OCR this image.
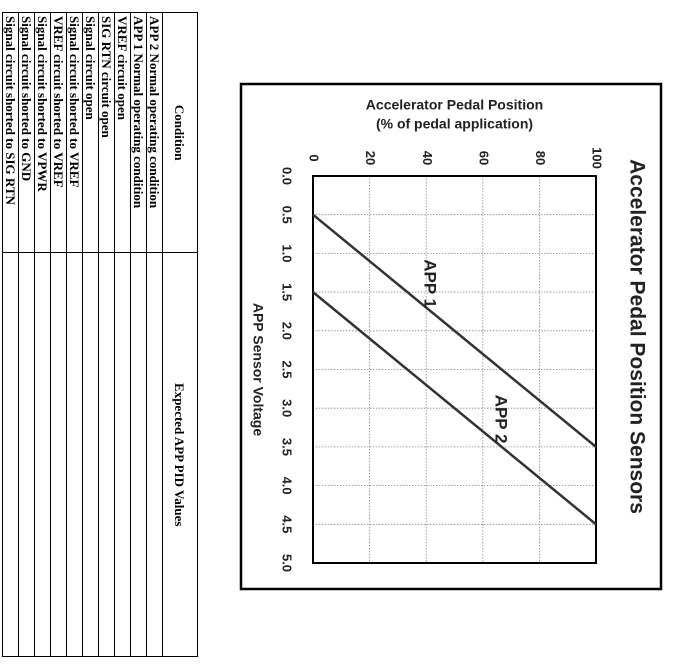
Condition	Expected APP PID Values
APP 2 Normal operating condition	
APP 1 Normal operating condition	
VREF circuit open	
SIG RTN circuit open	
Signal circuit open	
Signal circuit shorted to VREF	
VREF circuit shorted to VREF	
Signal circuit shorted to VPWR	
Signal circuit shorted to GND	
Signal circuit shorted to SIG RTN		0.0
0.5
1.0
1.5
2.0
2.5
3.0
3.5
4.0
4.5
5.0
0	20	40	60	80	100
APP 1
APP 2	Accelerator Pedal Position Sensors
APP Sensor Voltage
Accelerator Pedal Position
(% of pedal application)
